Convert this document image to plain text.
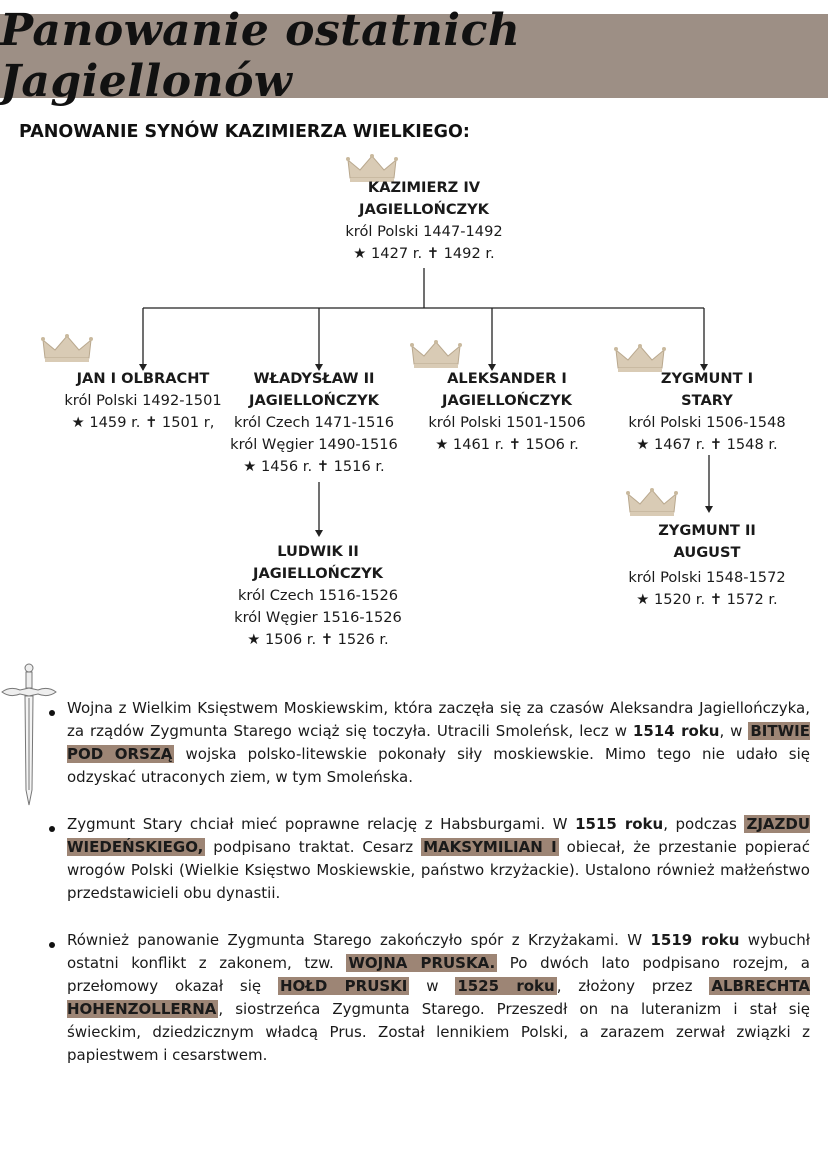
Panowanie ostatnich Jagiellonów
PANOWANIE SYNÓW KAZIMIERZA WIELKIEGO:
KAZIMIERZ IV
JAGIELLOŃCZYK
król Polski 1447-1492
★ 1427 r. ✝ 1492 r.
JAN I OLBRACHT
król Polski 1492-1501
★ 1459 r. ✝ 1501 r,
WŁADYSŁAW II
JAGIELLOŃCZYK
król Czech 1471-1516
król Węgier 1490-1516
★ 1456 r. ✝ 1516 r.
ALEKSANDER I
JAGIELLOŃCZYK
król Polski 1501-1506
★ 1461 r. ✝ 15O6 r.
ZYGMUNT I
STARY
król Polski 1506-1548
★ 1467 r. ✝ 1548 r.
LUDWIK II
JAGIELLOŃCZYK
król Czech 1516-1526
król Węgier 1516-1526
★ 1506 r. ✝ 1526 r.
ZYGMUNT II
AUGUST
król Polski 1548-1572
★ 1520 r. ✝ 1572 r.
Wojna z Wielkim Księstwem Moskiewskim, która zaczęła się za czasów Aleksandra Jagiellończyka, za rządów Zygmunta Starego wciąż się toczyła. Utracili Smoleńsk, lecz w 1514 roku, w BITWIE POD ORSZĄ wojska polsko-litewskie pokonały siły moskiewskie. Mimo tego nie udało się odzyskać utraconych ziem, w tym Smoleńska.
Zygmunt Stary chciał mieć poprawne relację z Habsburgami. W 1515 roku, podczas ZJAZDU WIEDEŃSKIEGO, podpisano traktat. Cesarz MAKSYMILIAN I obiecał, że przestanie popierać wrogów Polski (Wielkie Księstwo Moskiewskie, państwo krzyżackie). Ustalono również małżeństwo przedstawicieli obu dynastii.
Również panowanie Zygmunta Starego zakończyło spór z Krzyżakami. W 1519 roku wybuchł ostatni konflikt z zakonem, tzw. WOJNA PRUSKA. Po dwóch lato podpisano rozejm, a przełomowy okazał się HOŁD PRUSKI w 1525 roku , złożony przez ALBRECHTA HOHENZOLLERNA , siostrzeńca Zygmunta Starego. Przeszedł on na luteranizm i stał się świeckim, dziedzicznym władcą Prus. Został lennikiem Polski, a zarazem zerwał związki z papiestwem i cesarstwem.
